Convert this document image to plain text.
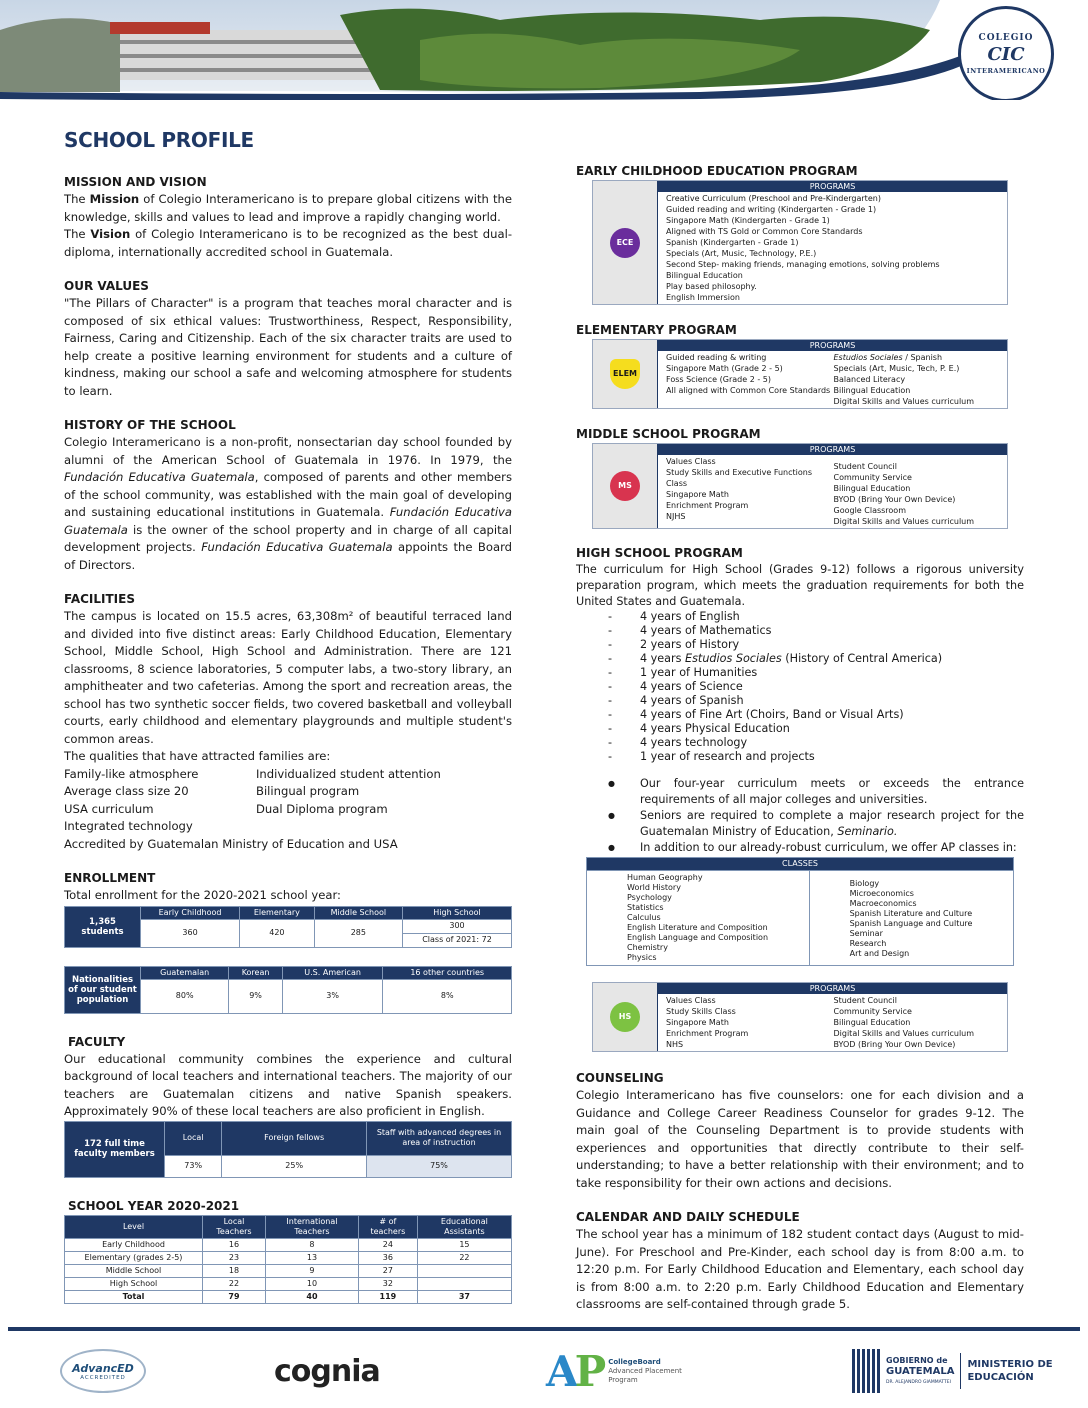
COLEGIO
CIC
INTERAMERICANO
SCHOOL PROFILE
MISSION AND VISION

The Mission of Colegio Interamericano is to prepare global citizens with the knowledge, skills and values to lead and improve a rapidly changing world.

The Vision of Colegio Interamericano is to be recognized as the best dual-diploma, internationally accredited school in Guatemala.

OUR VALUES

"The Pillars of Character" is a program that teaches moral character and is composed of six ethical values: Trustworthiness, Respect, Responsibility, Fairness, Caring and Citizenship. Each of the six character traits are used to help create a positive learning environment for students and a culture of kindness, making our school a safe and welcoming atmosphere for students to learn.

HISTORY OF THE SCHOOL

Colegio Interamericano is a non-profit, nonsectarian day school founded by alumni of the American School of Guatemala in 1976. In 1979, the Fundación Educativa Guatemala, composed of parents and other members of the school community, was established with the main goal of developing and sustaining educational institutions in Guatemala. Fundación Educativa Guatemala is the owner of the school property and in charge of all capital development projects. Fundación Educativa Guatemala appoints the Board of Directors.

FACILITIES

The campus is located on 15.5 acres, 63,308m² of beautiful terraced land and divided into five distinct areas: Early Childhood Education, Elementary School, Middle School, High School and Administration. There are 121 classrooms, 8 science laboratories, 5 computer labs, a two-story library, an amphitheater and two cafeterias. Among the sport and recreation areas, the school has two synthetic soccer fields, two covered basketball and volleyball courts, early childhood and elementary playgrounds and multiple student's common areas.

The qualities that have attracted families are:
Family-like atmosphere	Individualized student attention
Average class size 20	Bilingual program
USA curriculum	Dual Diploma program
Integrated technology
Accredited by Guatemalan Ministry of Education and USA
ENROLLMENT
Total enrollment for the 2020-2021 school year:
1,365 students	Early Childhood	Elementary	Middle School	High School
	360	420	285	300
				Class of 2021: 72
Nationalities of our student population	Guatemalan	Korean	U.S. American	16 other countries
	80%	9%	3%	8%
FACULTY

Our educational community combines the experience and cultural background of local teachers and international teachers. The majority of our teachers are Guatemalan citizens and native Spanish speakers. Approximately 90% of these local teachers are also proficient in English.

172 full time faculty members	Local	Foreign fellows	Staff with advanced degrees in area of instruction
	73%	25%	75%
SCHOOL YEAR 2020-2021
Level	Local Teachers	International Teachers	# of teachers	Educational Assistants
Early Childhood	16	8	24	15
Elementary (grades 2-5)	23	13	36	22
Middle School	18	9	27	
High School	22	10	32	
Total	79	40	119	37
EARLY CHILDHOOD EDUCATION PROGRAM
ECE
PROGRAMS
Creative Curriculum (Preschool and Pre-Kindergarten)
Guided reading and writing (Kindergarten - Grade 1)
Singapore Math (Kindergarten - Grade 1)
Aligned with TS Gold or Common Core Standards
Spanish (Kindergarten - Grade 1)
Specials (Art, Music, Technology, P.E.)
Second Step- making friends, managing emotions, solving problems
Bilingual Education
Play based philosophy.
English Immersion
ELEMENTARY PROGRAM
ELEM
PROGRAMS
Guided reading & writing
Singapore Math (Grade 2 - 5)
Foss Science (Grade 2 - 5)
All aligned with Common Core Standards
Estudios Sociales / Spanish
Specials (Art, Music, Tech, P. E.)
Balanced Literacy
Bilingual Education
Digital Skills and Values curriculum
MIDDLE SCHOOL PROGRAM
MS
PROGRAMS
Values Class
Study Skills and Executive Functions Class
Singapore Math
Enrichment Program
NJHS
Student Council
Community Service
Bilingual Education
BYOD (Bring Your Own Device)
Google Classroom
Digital Skills and Values curriculum
HIGH SCHOOL PROGRAM

The curriculum for High School (Grades 9-12) follows a rigorous university preparation program, which meets the graduation requirements for both the United States and Guatemala.

- 4 years of English
- 4 years of Mathematics
- 2 years of History
- 4 years Estudios Sociales (History of Central America)
- 1 year of Humanities
- 4 years of Science
- 4 years of Spanish
- 4 years of Fine Art (Choirs, Band or Visual Arts)
- 4 years Physical Education
- 4 years technology
- 1 year of research and projects
● Our four-year curriculum meets or exceeds the entrance requirements of all major colleges and universities.
● Seniors are required to complete a major research project for the Guatemalan Ministry of Education, Seminario.
● In addition to our already-robust curriculum, we offer AP classes in:
CLASSES

Human Geography
World History
Psychology
Statistics
Calculus
English Literature and Composition
English Language and Composition
Chemistry
Physics

Biology
Microeconomics
Macroeconomics
Spanish Literature and Culture
Spanish Language and Culture
Seminar
Research
Art and Design
HS
PROGRAMS
Values Class
Study Skills Class
Singapore Math
Enrichment Program
NHS
Student Council
Community Service
Bilingual Education
Digital Skills and Values curriculum
BYOD (Bring Your Own Device)
COUNSELING

Colegio Interamericano has five counselors: one for each division and a Guidance and College Career Readiness Counselor for grades 9-12. The main goal of the Counseling Department is to provide students with experiences and opportunities that directly contribute to their self-understanding; to have a better relationship with their environment; and to take responsibility for their own actions and decisions.

CALENDAR AND DAILY SCHEDULE

The school year has a minimum of 182 student contact days (August to mid-June). For Preschool and Pre-Kinder, each school day is from 8:00 a.m. to 12:20 p.m. For Early Childhood Education and Elementary, each school day is from 8:00 a.m. to 2:20 p.m. Early Childhood Education and Elementary classrooms are self-contained through grade 5.

AdvancED
ACCREDITED	cognia	AP CollegeBoard
Advanced Placement
Program
GOBIERNO de
GUATEMALA
DR. ALEJANDRO GIAMMATTEI
MINISTERIO DE
EDUCACIÓN
